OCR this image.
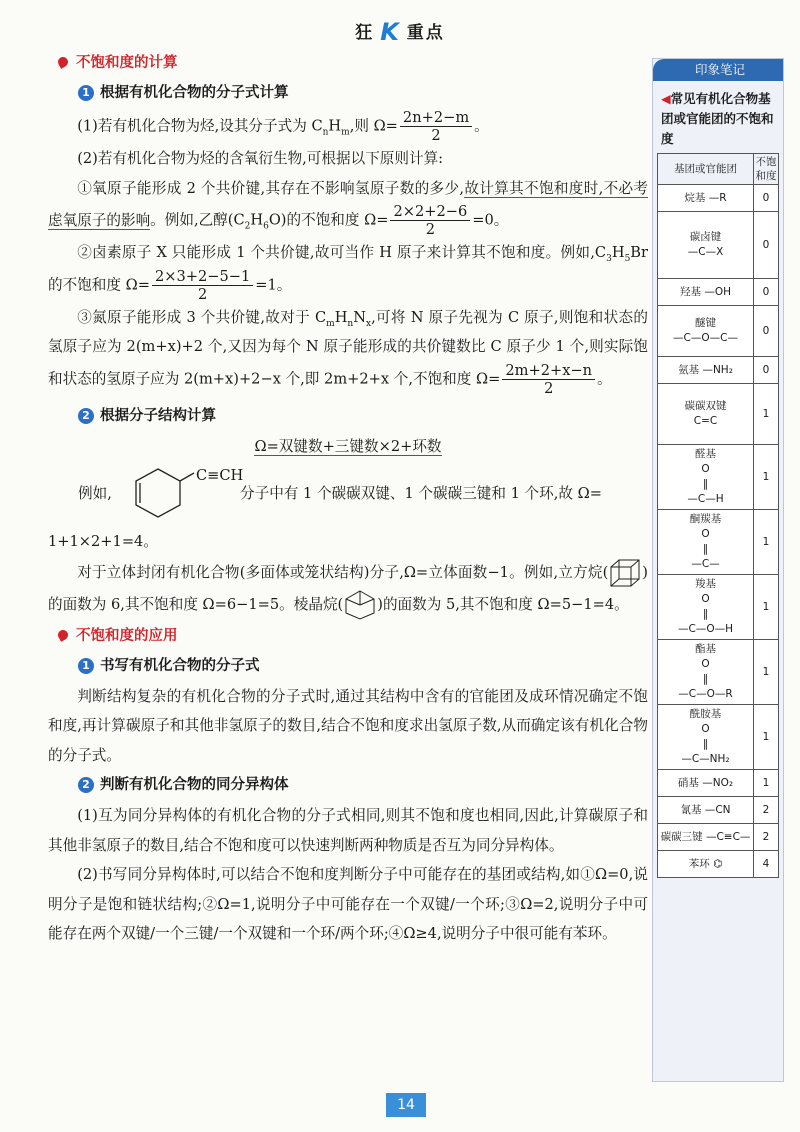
狂 K 重点
不饱和度的计算
1 根据有机化合物的分子式计算

(1)若有机化合物为烃,设其分子式为 $C_nH_m$,则 $\Omega= \frac{2n+2-m}{2}$ 。

(2)若有机化合物为烃的含氧衍生物,可根据以下原则计算:

①氧原子能形成 2 个共价键,其存在不影响氢原子数的多少,故计算其不饱和度时,不必考虑氧原子的影响。例如,乙醇$(C_2H_6O)$的不饱和度 $\Omega= \frac{2\times 2+2-6}{2} =0$。

②卤素原子 X 只能形成 1 个共价键,故可当作 H 原子来计算其不饱和度。例如$,C_3H_5Br$ 的不饱和度 $\Omega= \frac{2\times 3+2-5-1}{2} =1$。

③氮原子能形成 3 个共价键,故对于 $C_mH_nN_x$,可将 N 原子先视为 C 原子,则饱和状态的氢原子应为 2(m+x)+2 个,又因为每个 N 原子能形成的共价键数比 C 原子少 1 个,则实际饱和状态的氢原子应为 2(m+x)+2−x 个,即 2m+2+x 个,不饱和度 $\Omega= \frac{2m+2+x-n}{2}$ 。

2 根据分子结构计算
Ω=双键数+三键数×2+环数
例如,
C≡CH
分子中有 1 个碳碳双键、1 个碳碳三键和 1 个环,故 Ω=

1+1×2+1=4。

对于立体封闭有机化合物(多面体或笼状结构)分子,Ω=立体面数−1。例如,立方烷( )的面数为 6,其不饱和度 Ω=6−1=5。棱晶烷( )的面数为 5,其不饱和度 Ω=5−1=4。

不饱和度的应用
1 书写有机化合物的分子式

判断结构复杂的有机化合物的分子式时,通过其结构中含有的官能团及成环情况确定不饱和度,再计算碳原子和其他非氢原子的数目,结合不饱和度求出氢原子数,从而确定该有机化合物的分子式。

2 判断有机化合物的同分异构体

(1)互为同分异构体的有机化合物的分子式相同,则其不饱和度也相同,因此,计算碳原子和其他非氢原子的数目,结合不饱和度可以快速判断两种物质是否互为同分异构体。

(2)书写同分异构体时,可以结合不饱和度判断分子中可能存在的基团或结构,如①Ω=0,说明分子是饱和链状结构;②Ω=1,说明分子中可能存在一个双键/一个环;③Ω=2,说明分子中可能存在两个双键/一个三键/一个双键和一个环/两个环;④Ω≥4,说明分子中很可能有苯环。

印象笔记
◀常见有机化合物基团或官能团的不饱和度
基团或官能团	不饱和度
烷基 —R	0

碳卤键
—C—X	0
羟基 —OH	0

醚键
—C—O—C—	0
氨基 —NH₂	0

碳碳双键
C=C	1

醛基
O
‖
—C—H	1

酮羰基
O
‖
—C—	1

羧基
O
‖
—C—O—H	1

酯基
O
‖
—C—O—R	1

酰胺基
O
‖
—C—NH₂	1
硝基 —NO₂	1
氰基 —CN	2
碳碳三键 —C≡C—	2
苯环 ⌬	4
14
